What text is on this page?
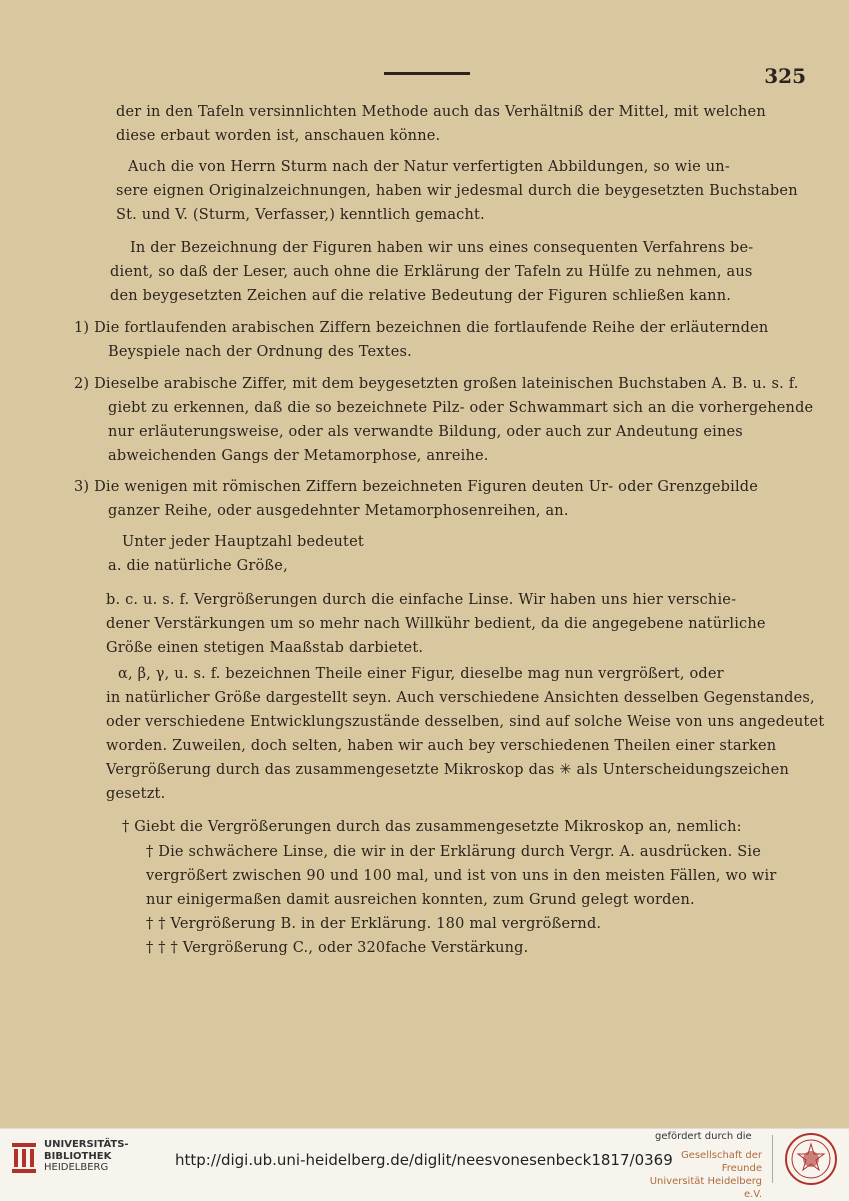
325
der in den Tafeln versinnlichten Methode auch das Verhältniß der Mittel, mit welchen
diese erbaut worden ist, anschauen könne.
Auch die von Herrn Sturm nach der Natur verfertigten Abbildungen, so wie un-
sere eignen Originalzeichnungen, haben wir jedesmal durch die beygesetzten Buchstaben
St. und V. (Sturm, Verfasser,) kenntlich gemacht.
In der Bezeichnung der Figuren haben wir uns eines consequenten Verfahrens be-
dient, so daß der Leser, auch ohne die Erklärung der Tafeln zu Hülfe zu nehmen, aus
den beygesetzten Zeichen auf die relative Bedeutung der Figuren schließen kann.
1) Die fortlaufenden arabischen Ziffern bezeichnen die fortlaufende Reihe der erläuternden
Beyspiele nach der Ordnung des Textes.
2) Dieselbe arabische Ziffer, mit dem beygesetzten großen lateinischen Buchstaben A. B. u. s. f.
giebt zu erkennen, daß die so bezeichnete Pilz- oder Schwammart sich an die vorhergehende
nur erläuterungsweise, oder als verwandte Bildung, oder auch zur Andeutung eines
abweichenden Gangs der Metamorphose, anreihe.
3) Die wenigen mit römischen Ziffern bezeichneten Figuren deuten Ur- oder Grenzgebilde
ganzer Reihe, oder ausgedehnter Metamorphosenreihen, an.
Unter jeder Hauptzahl bedeutet
a. die natürliche Größe,
b. c. u. s. f. Vergrößerungen durch die einfache Linse. Wir haben uns hier verschie-
dener Verstärkungen um so mehr nach Willkühr bedient, da die angegebene natürliche
Größe einen stetigen Maaßstab darbietet.
α, β, γ, u. s. f. bezeichnen Theile einer Figur, dieselbe mag nun vergrößert, oder
in natürlicher Größe dargestellt seyn. Auch verschiedene Ansichten desselben Gegenstandes,
oder verschiedene Entwicklungszustände desselben, sind auf solche Weise von uns angedeutet
worden. Zuweilen, doch selten, haben wir auch bey verschiedenen Theilen einer starken
Vergrößerung durch das zusammengesetzte Mikroskop das ✳ als Unterscheidungszeichen
gesetzt.
† Giebt die Vergrößerungen durch das zusammengesetzte Mikroskop an, nemlich:
† Die schwächere Linse, die wir in der Erklärung durch Vergr. A. ausdrücken. Sie
vergrößert zwischen 90 und 100 mal, und ist von uns in den meisten Fällen, wo wir
nur einigermaßen damit ausreichen konnten, zum Grund gelegt worden.
† † Vergrößerung B. in der Erklärung. 180 mal vergrößernd.
† † † Vergrößerung C., oder 320fache Verstärkung.
UNIVERSITÄTS-
BIBLIOTHEK
HEIDELBERG	http://digi.ub.uni-heidelberg.de/diglit/neesvonesenbeck1817/0369
gefördert durch die
Gesellschaft der Freunde
Universität Heidelberg e.V.
